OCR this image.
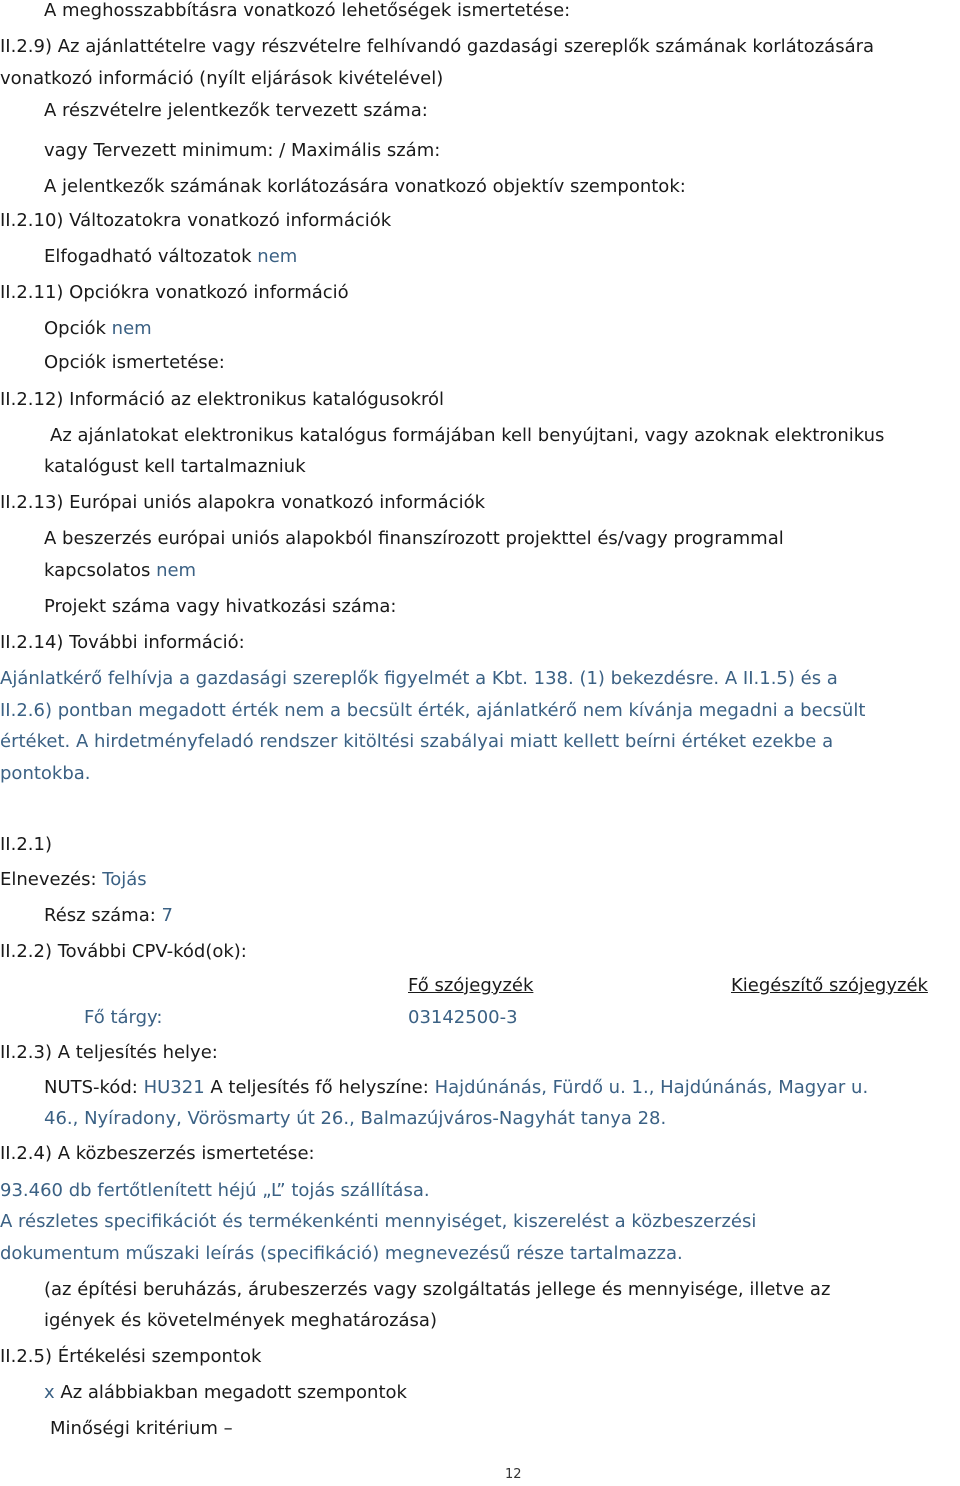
A meghosszabbításra vonatkozó lehetőségek ismertetése:
II.2.9) Az ajánlattételre vagy részvételre felhívandó gazdasági szereplők számának korlátozására
vonatkozó információ (nyílt eljárások kivételével)
A részvételre jelentkezők tervezett száma:
vagy Tervezett minimum: / Maximális szám:
A jelentkezők számának korlátozására vonatkozó objektív szempontok:
II.2.10) Változatokra vonatkozó információk
Elfogadható változatok nem
II.2.11) Opciókra vonatkozó információ
Opciók nem
Opciók ismertetése:
II.2.12) Információ az elektronikus katalógusokról
Az ajánlatokat elektronikus katalógus formájában kell benyújtani, vagy azoknak elektronikus
katalógust kell tartalmazniuk
II.2.13) Európai uniós alapokra vonatkozó információk
A beszerzés európai uniós alapokból finanszírozott projekttel és/vagy programmal
kapcsolatos nem
Projekt száma vagy hivatkozási száma:
II.2.14) További információ:
Ajánlatkérő felhívja a gazdasági szereplők figyelmét a Kbt. 138. (1) bekezdésre. A II.1.5) és a
II.2.6) pontban megadott érték nem a becsült érték, ajánlatkérő nem kívánja megadni a becsült
értéket. A hirdetményfeladó rendszer kitöltési szabályai miatt kellett beírni értéket ezekbe a
pontokba.
II.2.1)
Elnevezés: Tojás
Rész száma: 7
II.2.2) További CPV-kód(ok):
Fő szójegyzék	Kiegészítő szójegyzék
Fő tárgy:	03142500-3
II.2.3) A teljesítés helye:
NUTS-kód: HU321 A teljesítés fő helyszíne: Hajdúnánás, Fürdő u. 1., Hajdúnánás, Magyar u.
46., Nyíradony, Vörösmarty út 26., Balmazújváros-Nagyhát tanya 28.
II.2.4) A közbeszerzés ismertetése:
93.460 db fertőtlenített héjú „L” tojás szállítása.
A részletes specifikációt és termékenkénti mennyiséget, kiszerelést a közbeszerzési
dokumentum műszaki leírás (specifikáció) megnevezésű része tartalmazza.
(az építési beruházás, árubeszerzés vagy szolgáltatás jellege és mennyisége, illetve az
igények és követelmények meghatározása)
II.2.5) Értékelési szempontok
x Az alábbiakban megadott szempontok
Minőségi kritérium –
12
